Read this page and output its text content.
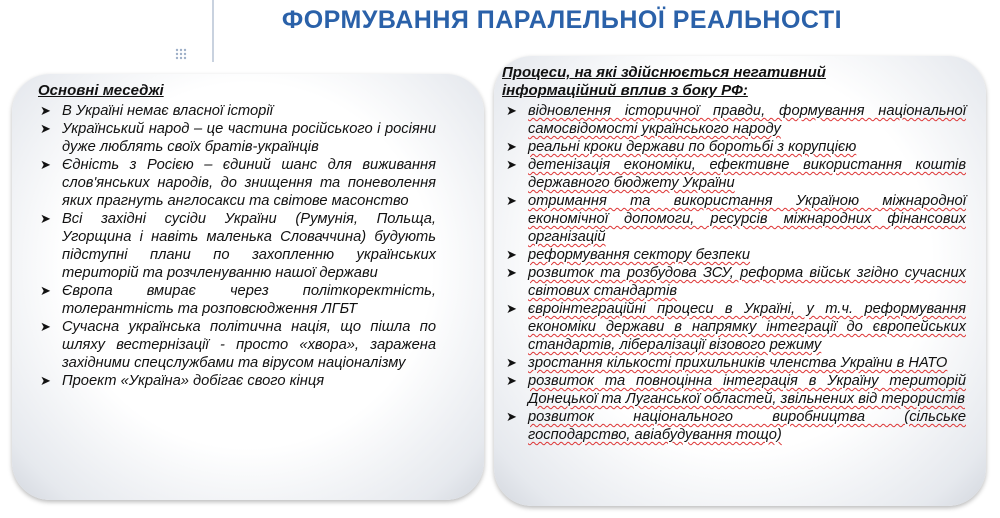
ФОРМУВАННЯ ПАРАЛЕЛЬНОЇ РЕАЛЬНОСТІ
Основні меседжі
➤ В Україні немає власної історії
➤ Український народ – це частина російського і росіяни дуже люблять своїх братів-українців
➤ Єдність з Росією – єдиний шанс для виживання слов'янських народів, до знищення та поневолення яких прагнуть англосакси та світове масонство
➤ Всі західні сусіди України (Румунія, Польща, Угорщина і навіть маленька Словаччина) будують підступні плани по захопленню українських територій та розчленуванню нашої держави
➤ Європа вмирає через політкоректність, толерантність та розповсюдження ЛГБТ
➤ Сучасна українська політична нація, що пішла по шляху вестернізації - просто «хвора», заражена західними спецслужбами та вірусом націоналізму
➤ Проект «Україна» добігає свого кінця
Процеси, на які здійснюється негативний інформаційний вплив з боку РФ:
➤ відновлення історичної правди, формування національної самосвідомості українського народу
➤ реальні кроки держави по боротьбі з корупцією
➤ детенізація економіки, ефективне використання коштів державного бюджету України
➤ отримання та використання Україною міжнародної економічної допомоги, ресурсів міжнародних фінансових організацій
➤ реформування сектору безпеки
➤ розвиток та розбудова ЗСУ, реформа військ згідно сучасних світових стандартів
➤ євроінтеграційні процеси в Україні, у т.ч. реформування економіки держави в напрямку інтеграції до європейських стандартів, лібералізації візового режиму
➤ зростання кількості прихильників членства України в НАТО
➤ розвиток та повноцінна інтеграція в Україну територій Донецької та Луганської областей, звільнених від терористів
➤ розвиток національного виробництва (сільське господарство, авіабудування тощо)
